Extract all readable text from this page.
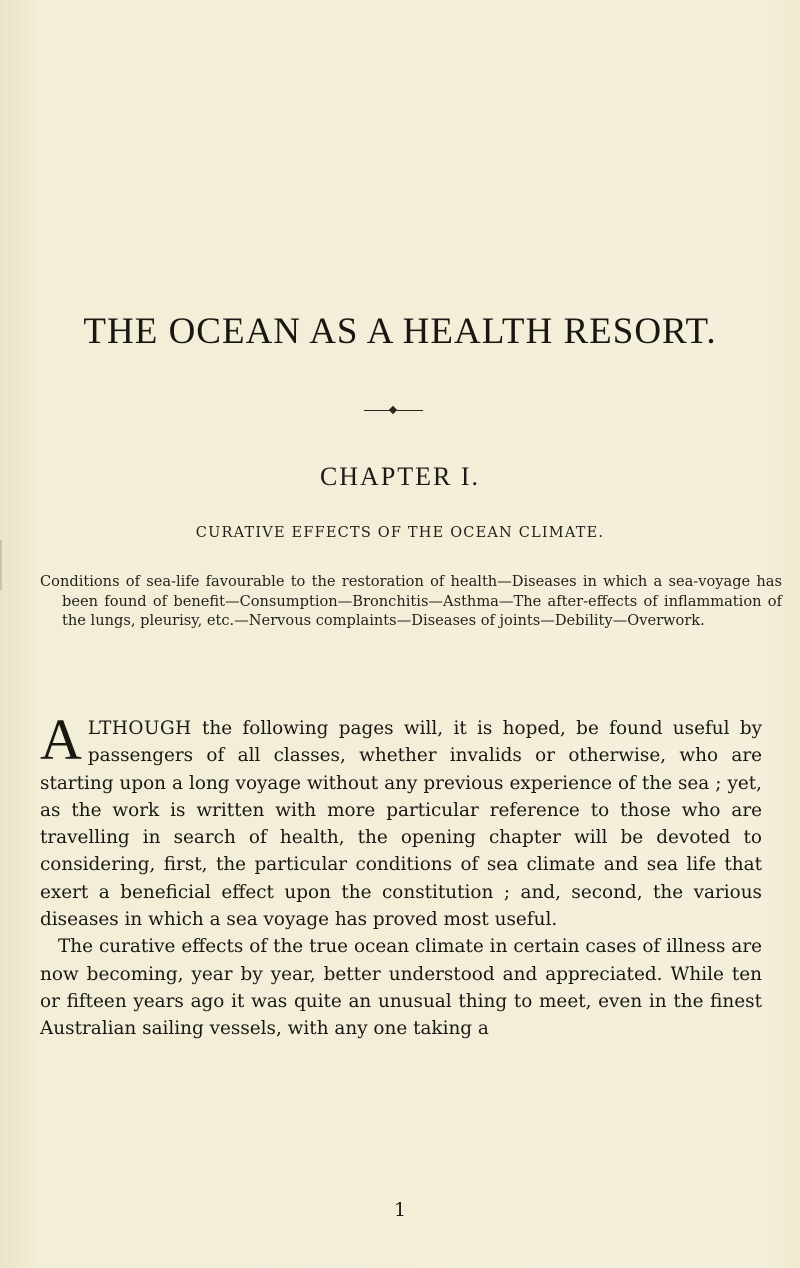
THE OCEAN AS A HEALTH RESORT.
CHAPTER I.
CURATIVE EFFECTS OF THE OCEAN CLIMATE.
Conditions of sea-life favourable to the restoration of health—Diseases in which a sea-voyage has been found of benefit—Consumption—Bronchitis—Asthma—The after-effects of inflammation of the lungs, pleurisy, etc.—Nervous complaints—Diseases of joints—Debility—Overwork.

ALTHOUGH the following pages will, it is hoped, be found useful by passengers of all classes, whether invalids or otherwise, who are starting upon a long voyage without any previous experience of the sea ; yet, as the work is written with more particular reference to those who are travelling in search of health, the opening chapter will be devoted to considering, first, the particular conditions of sea climate and sea life that exert a beneficial effect upon the constitution ; and, second, the various diseases in which a sea voyage has proved most useful.

The curative effects of the true ocean climate in certain cases of illness are now becoming, year by year, better understood and appreciated. While ten or fifteen years ago it was quite an unusual thing to meet, even in the finest Australian sailing vessels, with any one taking a

1
